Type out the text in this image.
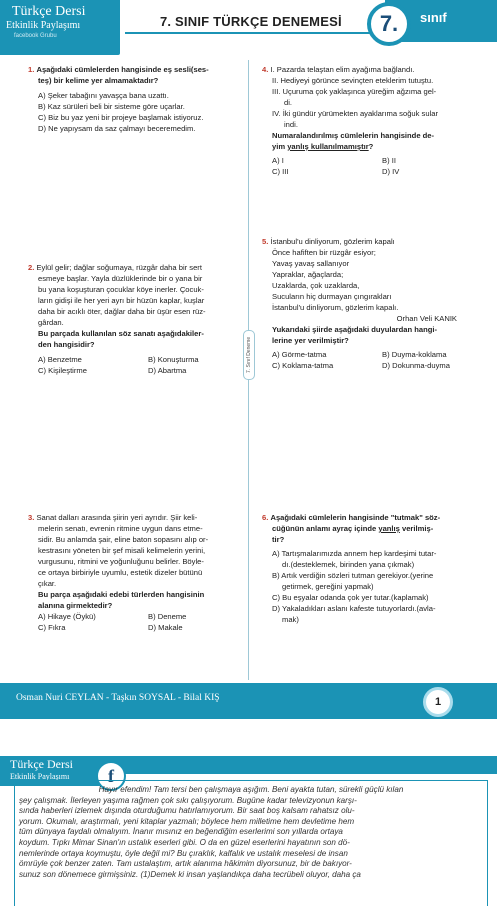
Türkçe Dersi
Etkinlik Paylaşımı
facebook Grubu
7. SINIF TÜRKÇE DENEMESİ	7.	sınıf

1. Aşağıdaki cümlelerden hangisinde eş sesli(ses-

teş) bir kelime yer almamaktadır?

A) Şeker tabağını yavaşça bana uzattı.

B) Kaz sürüleri beli bir sisteme göre uçarlar.

C) Biz bu yaz yeni bir projeye başlamak istiyoruz.

D) Ne yapıysam da saz çalmayı beceremedim.

2. Eylül gelir; dağlar soğumaya, rüzgâr daha bir sert

esmeye başlar. Yayla düzlüklerinde bir o yana bir

bu yana koşuşturan çocuklar köye inerler. Çocuk-

ların gidişi ile her yeri ayrı bir hüzün kaplar, kuşlar

daha bir acıklı öter, dağlar daha bir üşür esen rüz-

gârdan.

Bu parçada kullanılan söz sanatı aşağıdakiler-

den hangisidir?

A) Benzetme	B) Konuşturma
C) Kişileştirme	D) Abartma

3. Sanat dalları arasında şiirin yeri ayrıdır. Şiir keli-

melerin senatı, evrenin ritmine uygun dans etme-

sidir. Bu anlamda şair, eline baton sopasını alıp or-

kestrasını yöneten bir şef misali kelimelerin yerini,

vurgusunu, ritmini ve yoğunluğunu belirler. Böyle-

ce ortaya birbiriyle uyumlu, estetik dizeler bütünü

çıkar.

Bu parça aşağıdaki edebi türlerden hangisinin

alanına girmektedir?

A) Hikaye (Öykü)	B) Deneme
C) Fıkra	D) Makale
7. Sınıf Deneme

4. I. Pazarda telaştan elim ayağıma bağlandı.

II. Hediyeyi görünce sevinçten eteklerim tutuştu.

III. Uçuruma çok yaklaşınca yüreğim ağzıma gel-

di.

IV. İki gündür yürümekten ayaklarıma soğuk sular

indi.

Numaralandırılmış cümlelerin hangisinde de-

yim yanlış kullanılmamıştır?

A) I	B) II
C) III	D) IV

5. İstanbul'u dinliyorum, gözlerim kapalı

Önce hafiften bir rüzgâr esiyor;

Yavaş yavaş sallanıyor

Yapraklar, ağaçlarda;

Uzaklarda, çok uzaklarda,

Sucuların hiç durmayan çıngırakları

İstanbul'u dinliyorum, gözlerim kapalı.

Orhan Veli KANIK

Yukarıdaki şiirde aşağıdaki duyulardan hangi-

lerine yer verilmiştir?

A) Görme-tatma	B) Duyma-koklama
C) Koklama-tatma	D) Dokunma-duyma

6. Aşağıdaki cümlelerin hangisinde "tutmak" söz-

cüğünün anlamı ayraç içinde yanlış verilmiş-

tir?

A) Tartışmalarımızda annem hep kardeşimi tutar-

dı.(desteklemek, birinden yana çıkmak)

B) Artık verdiğin sözleri tutman gerekiyor.(yerine

getirmek, gereğini yapmak)

C) Bu eşyalar odanda çok yer tutar.(kaplamak)

D) Yakaladıkları aslanı kafeste tutuyorlardı.(avla-

mak)

Osman Nuri CEYLAN - Taşkın SOYSAL - Bilal KIŞ	1
Türkçe Dersi
Etkinlik Paylaşımı	f

Hayır efendim! Tam tersi ben çalışmaya aşığım. Beni ayakta tutan, sürekli güçlü kılan

şey çalışmak. İlerleyen yaşıma rağmen çok sıkı çalışıyorum. Bugüne kadar televizyonun karşı-

sında haberleri izlemek dışında oturduğumu hatırlamıyorum. Bir saat boş kalsam rahatsız olu-

yorum. Okumalı, araştırmalı, yeni kitaplar yazmalı; böylece hem milletime hem devletime hem

tüm dünyaya faydalı olmalıyım. İnanır mısınız en beğendiğim eserlerimi son yıllarda ortaya

koydum. Tıpkı Mimar Sinan'ın ustalık eserleri gibi. O da en güzel eserlerini hayatının son dö-

nemlerinde ortaya koymuştu, öyle değil mi? Bu çıraklık, kalfalık ve ustalık meselesi de insan

ömrüyle çok benzer zaten. Tam ustalaştım, artık alanıma hâkimim diyorsunuz, bir de bakıyor-

sunuz son dönemece girmişsiniz. (1)Demek ki insan yaşlandıkça daha tecrübeli oluyor, daha ça
